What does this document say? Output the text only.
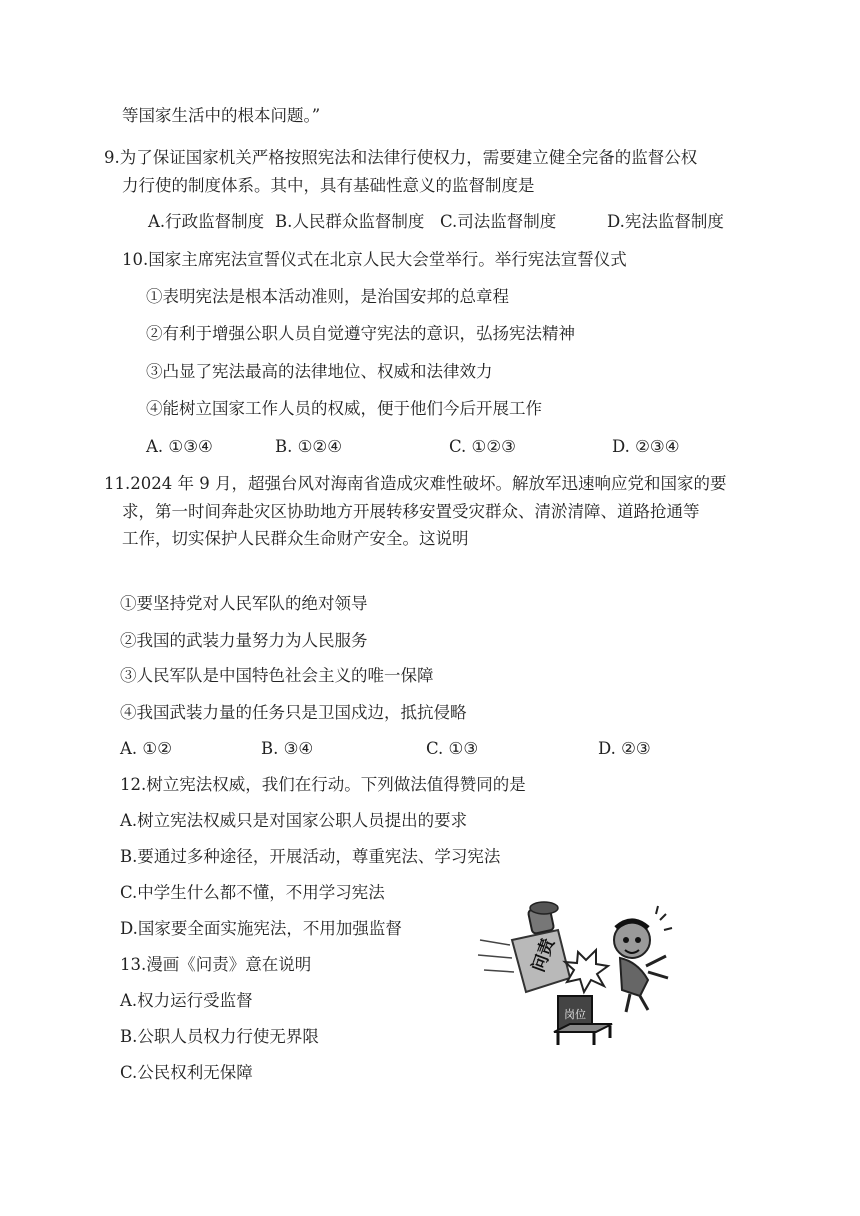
等国家生活中的根本问题。”
9.为了保证国家机关严格按照宪法和法律行使权力，需要建立健全完备的监督公权
力行使的制度体系。其中，具有基础性意义的监督制度是
A.行政监督制度 B.人民群众监督制度 C.司法监督制度	D.宪法监督制度
10.国家主席宪法宣誓仪式在北京人民大会堂举行。举行宪法宣誓仪式
①表明宪法是根本活动准则，是治国安邦的总章程
②有利于增强公职人员自觉遵守宪法的意识，弘扬宪法精神
③凸显了宪法最高的法律地位、权威和法律效力
④能树立国家工作人员的权威，便于他们今后开展工作
A. ①③④	B. ①②④	C. ①②③	D. ②③④
11.2024 年 9 月，超强台风对海南省造成灾难性破坏。解放军迅速响应党和国家的要
求，第一时间奔赴灾区协助地方开展转移安置受灾群众、清淤清障、道路抢通等
工作，切实保护人民群众生命财产安全。这说明
①要坚持党对人民军队的绝对领导
②我国的武装力量努力为人民服务
③人民军队是中国特色社会主义的唯一保障
④我国武装力量的任务只是卫国戍边，抵抗侵略
A. ①②	B. ③④	C. ①③	D. ②③
12.树立宪法权威，我们在行动。下列做法值得赞同的是
A.树立宪法权威只是对国家公职人员提出的要求
B.要通过多种途径，开展活动，尊重宪法、学习宪法
C.中学生什么都不懂，不用学习宪法
D.国家要全面实施宪法，不用加强监督
13.漫画《问责》意在说明
A.权力运行受监督
B.公职人员权力行使无界限
C.公民权利无保障
问责
岗位
